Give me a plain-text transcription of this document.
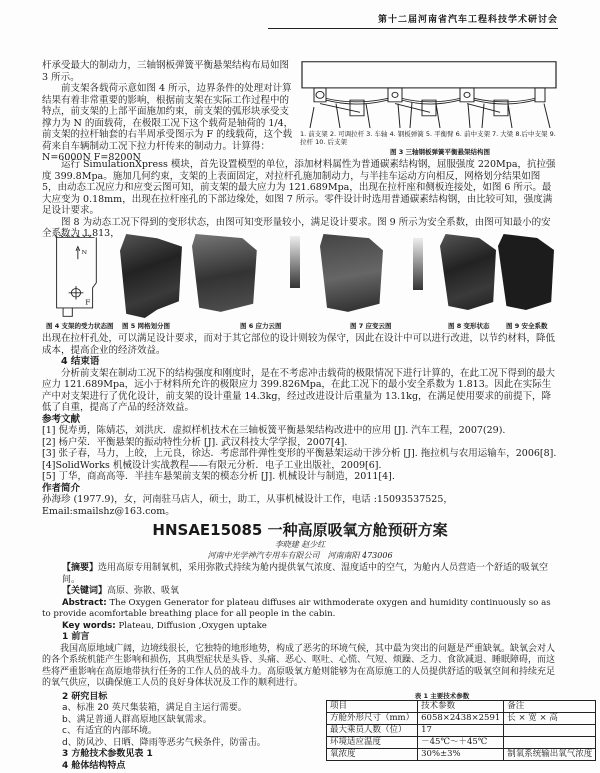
第十二届河南省汽车工程科技学术研讨会

杆承受最大的制动力，三轴钢板弹簧平衡悬架结构布局如图 3 所示。

前支架各载荷示意如图 4 所示，边界条件的处理对计算结果有着非常重要的影响，根据前支架在实际工作过程中的特点，前支架的上部平面施加约束，前支架的弧形块承受支撑力为 N 的面载荷，在极限工况下这个载荷是轴荷的 1/4，前支架的拉杆轴套的右半周承受图示为 F 的线载荷，这个载荷来自车辆制动工况下拉力杆传来的制动力。计算得：N=6000N F=8200N

1. 前支架 2. 可调拉杆 3. 车轴 4. 钢板弹簧 5. 平衡臂 6. 前中支架 7. 大梁 8.后中支架 9. 拉杆 10. 后支架
图 3 三轴钢板弹簧平衡悬架结构图

运行 SimulationXpress 模块，首先设置模型的单位，添加材料属性为普通碳素结构钢，屈服强度 220Mpa，抗拉强度 399.8Mpa。施加几何约束，支架的上表面固定，对拉杆孔施加制动力，与半挂车运动方向相反，网格划分结果如图 5，由动态工况应力和应变云图可知，前支架的最大应力为 121.689Mpa，出现在拉杆座和侧板连接处，如图 6 所示。最大应变为 0.18mm，出现在拉杆座孔的下部边缘处，如图 7 所示。零件设计时选用普通碳素结构钢，由比较可知，强度满足设计要求。

图 8 为动态工况下得到的变形状态，由图可知变形量较小，满足设计要求。图 9 所示为安全系数，由图可知最小的安全系数为 1.813，

N
F
图 4 支架的受力状态图 图 5 网格划分图	图 6 应力云图	图 7 应变云图	图 8 变形状态	图 9 安全系数

出现在拉杆孔处，可以满足设计要求，而对于其它部位的设计则较为保守，因此在设计中可以进行改进，以节约材料，降低成本，提高企业的经济效益。

4 结束语

分析前支架在制动工况下的结构强度和刚度时，是在不考虑冲击载荷的极限情况下进行计算的，在此工况下得到的最大应力 121.689Mpa，远小于材料所允许的极限应力 399.826Mpa，在此工况下的最小安全系数为 1.813。因此在实际生产中对支架进行了优化设计，前支架的设计重量 14.3kg，经过改进设计后重量为 13.1kg，在满足使用要求的前提下，降低了自重，提高了产品的经济效益。

参考文献

[1] 倪寿勇，陈婧芯，刘洪庆．虚拟样机技术在三轴板簧平衡悬架结构改进中的应用 [J]. 汽车工程，2007(29).

[2] 杨户荣．平衡悬架的振动特性分析 [J]. 武汉科技大学学报，2007[4].

[3] 张子春，马力，上皎，上元良，徐达．考虑部件弹性变形的平衡悬架运动干涉分析 [J]. 拖拉机与农用运输车，2006[8].

[4]SolidWorks 机械设计实战教程——有限元分析．电子工业出版社，2009[6].

[5] 丁华，商高高等．半挂车悬架前支架的模态分析 [J]. 机械设计与制造，2011[4].

作者简介

孙海珍 (1977.9)，女，河南驻马店人，硕士，助工，从事机械设计工作，电话 :15093537525，Email:smailshz@163.com。

HNSAE15085 一种高原吸氧方舱预研方案
李晓建 赵少红
河南中光学神汽专用车有限公司　河南南阳 473006

【摘要】选用高原专用制氧机，采用弥散式持续为舱内提供氧气浓度、湿度适中的空气，为舱内人员营造一个舒适的吸氧空间。

【关键词】高原、弥散、吸氧

Abstract: The Oxygen Generator for plateau diffuses air withmoderate oxygen and humidity continuously so as to provide acomfortable breathing place for all people in the cabin.

Key words: Plateau, Diffusion ,Oxygen uptake

1 前言

我国高原地域广阔，边境线很长，它独特的地形地势，构成了恶劣的环境气候，其中最为突出的问题是严重缺氧。缺氧会对人的各个系统机能产生影响和损伤，其典型症状是头昏、头痛、恶心、呕吐、心慌、气短、烦躁、乏力、食欲减退、睡眠障碍，而这些将严重影响在高原地带执行任务的工作人员的战斗力。高原吸氧方舱则能够为在高原施工的人员提供舒适的吸氧空间和持续充足的氧气供应，以确保施工人员的良好身体状况及工作的顺利进行。

2 研究目标

a、标准 20 英尺集装箱，满足自主运行需要。

b、满足普通人群高原地区缺氧需求。

c、有适宜的内部环境。

d、防风沙、日晒、降雨等恶劣气候条件，防雷击。

3 方舱技术参数见表 1

4 舱体结构特点

表 1 主要技术参数
项目	技术参数	备注
方舱外形尺寸（mm）	6058×2438×2591	长 × 宽 × 高
最大乘员人数（位）	17	
环境适应温度	－45℃～＋45℃	
氧浓度	30%±3%	制氧系统输出氧气浓度
